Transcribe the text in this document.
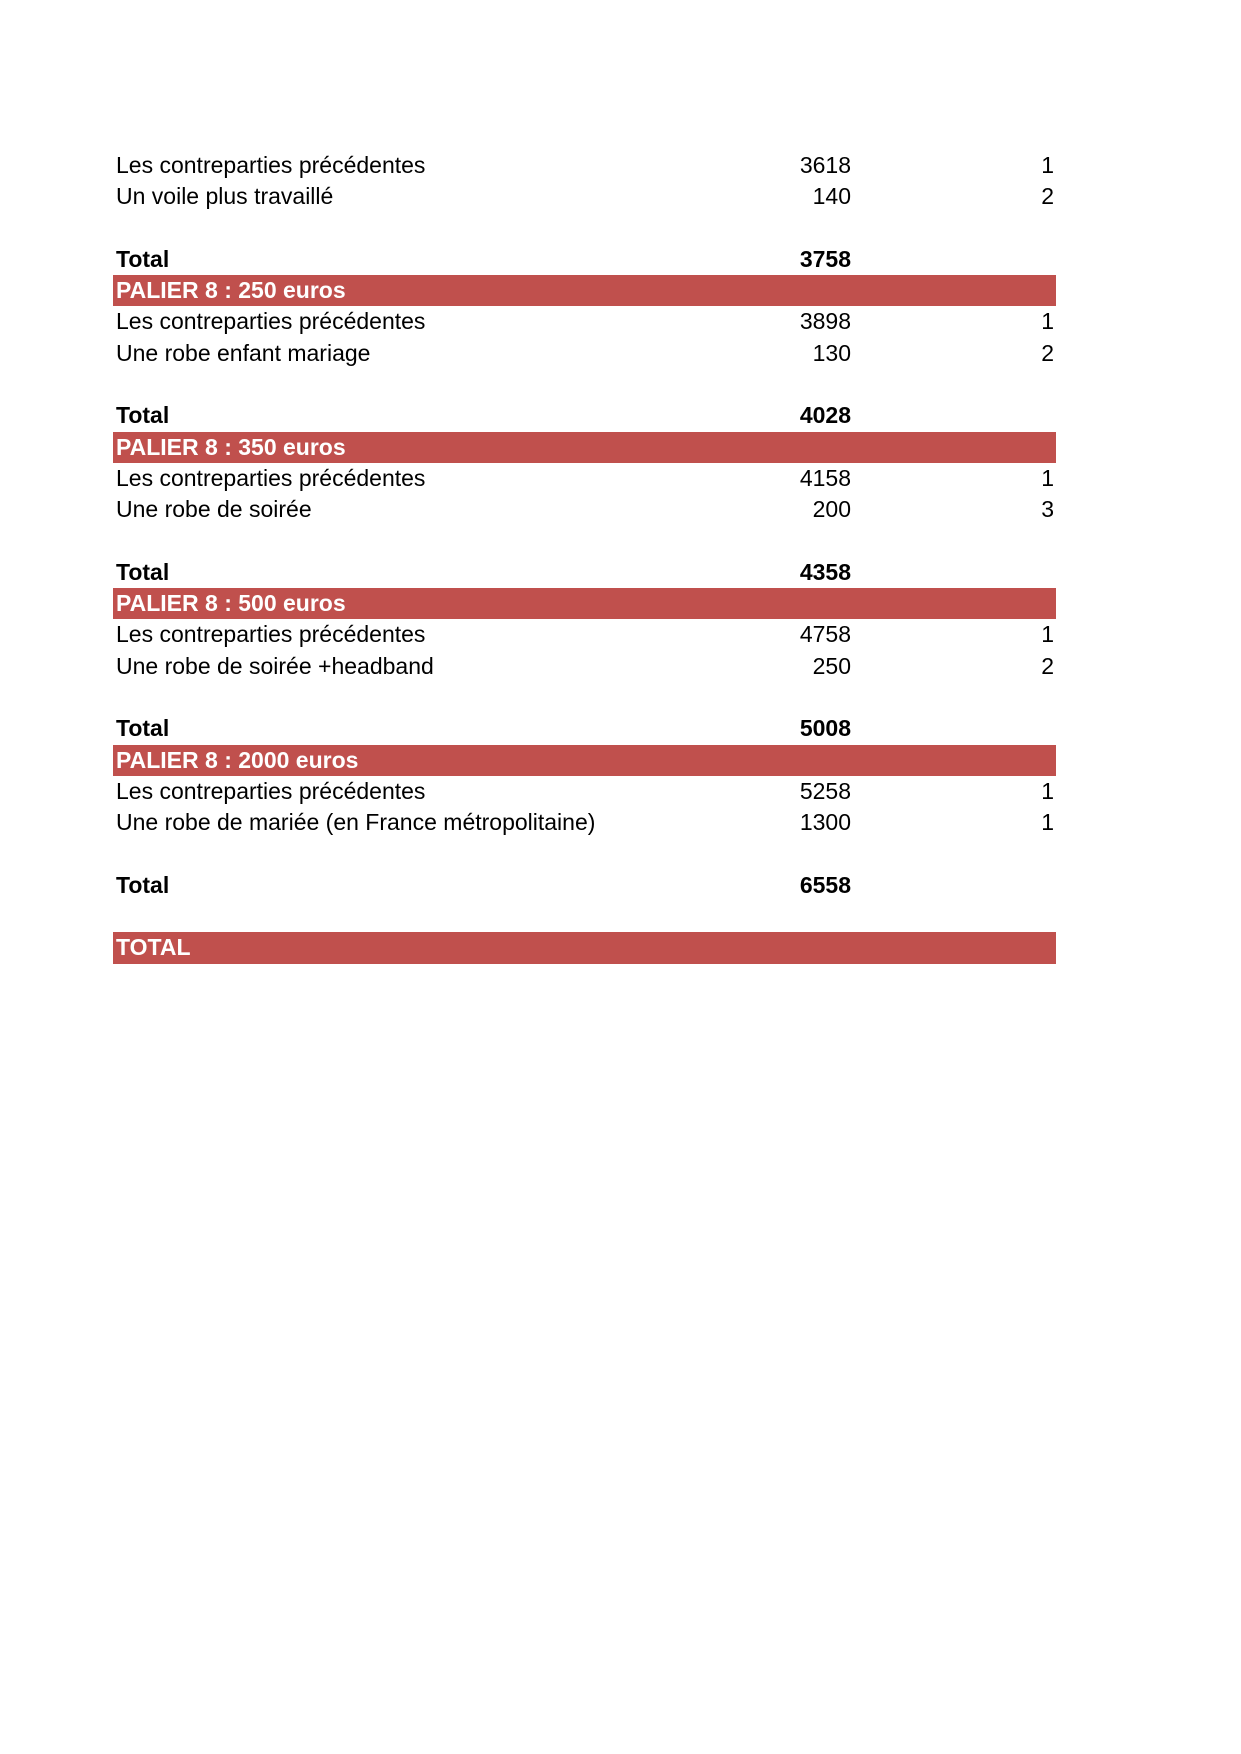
Les contreparties précédentes	3618	1
Un voile plus travaillé	140	2
Total	3758
PALIER 8 : 250 euros
Les contreparties précédentes	3898	1
Une robe enfant mariage	130	2
Total	4028
PALIER 8 : 350 euros
Les contreparties précédentes	4158	1
Une robe de soirée	200	3
Total	4358
PALIER 8 : 500 euros
Les contreparties précédentes	4758	1
Une robe de soirée +headband	250	2
Total	5008
PALIER 8 : 2000 euros
Les contreparties précédentes	5258	1
Une robe de mariée (en France métropolitaine)	1300	1
Total	6558
TOTAL
